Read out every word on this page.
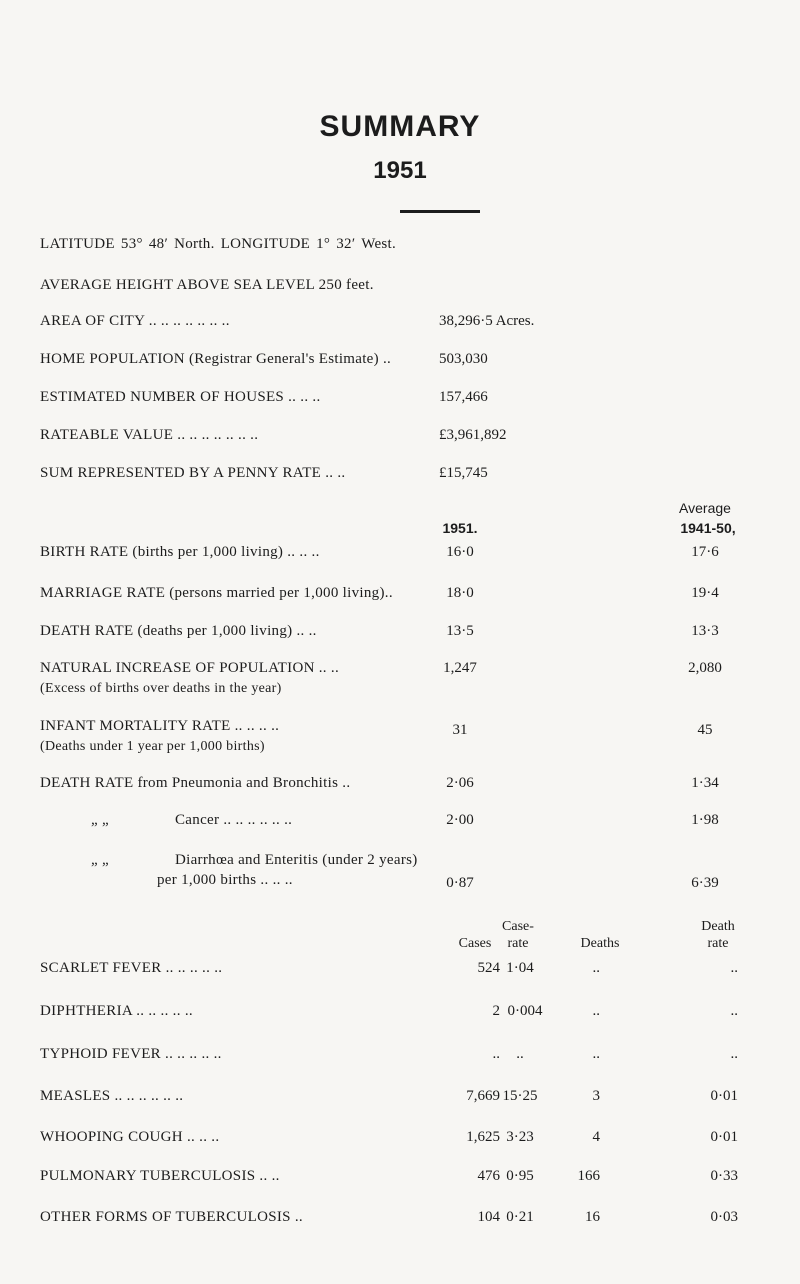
SUMMARY
1951
LATITUDE 53° 48′ North. LONGITUDE 1° 32′ West.
AVERAGE HEIGHT ABOVE SEA LEVEL 250 feet.
AREA OF CITY .. .. .. .. .. .. ..	38,296·5 Acres.
HOME POPULATION (Registrar General's Estimate) ..	503,030
ESTIMATED NUMBER OF HOUSES .. .. ..	157,466
RATEABLE VALUE .. .. .. .. .. .. ..	£3,961,892
SUM REPRESENTED BY A PENNY RATE .. ..	£15,745
Average
1951.	1941-50,
BIRTH RATE (births per 1,000 living) .. .. ..	16·0	17·6
MARRIAGE RATE (persons married per 1,000 living)..	18·0	19·4
DEATH RATE (deaths per 1,000 living) .. ..	13·5	13·3
NATURAL INCREASE OF POPULATION .. ..
(Excess of births over deaths in the year)
1,247	2,080
INFANT MORTALITY RATE .. .. .. ..
(Deaths under 1 year per 1,000 births)
31	45
DEATH RATE from Pneumonia and Bronchitis ..	2·06	1·34
„ „	Cancer .. .. .. .. .. ..	2·00	1·98
„ „	Diarrhœa and Enteritis (under 2 years)
per 1,000 births .. .. ..	0·87	6·39
Case-	Death
Cases	rate	Deaths	rate
SCARLET FEVER .. .. .. .. ..	524 1·04	..	..
DIPHTHERIA .. .. .. .. ..	2 0·004	..	..
TYPHOID FEVER .. .. .. .. ..	..	..	..	..
MEASLES .. .. .. .. .. ..	7,669 15·25	3	0·01
WHOOPING COUGH .. .. ..	1,625 3·23	4	0·01
PULMONARY TUBERCULOSIS .. ..	476 0·95	166	0·33
OTHER FORMS OF TUBERCULOSIS ..	104 0·21	16	0·03
